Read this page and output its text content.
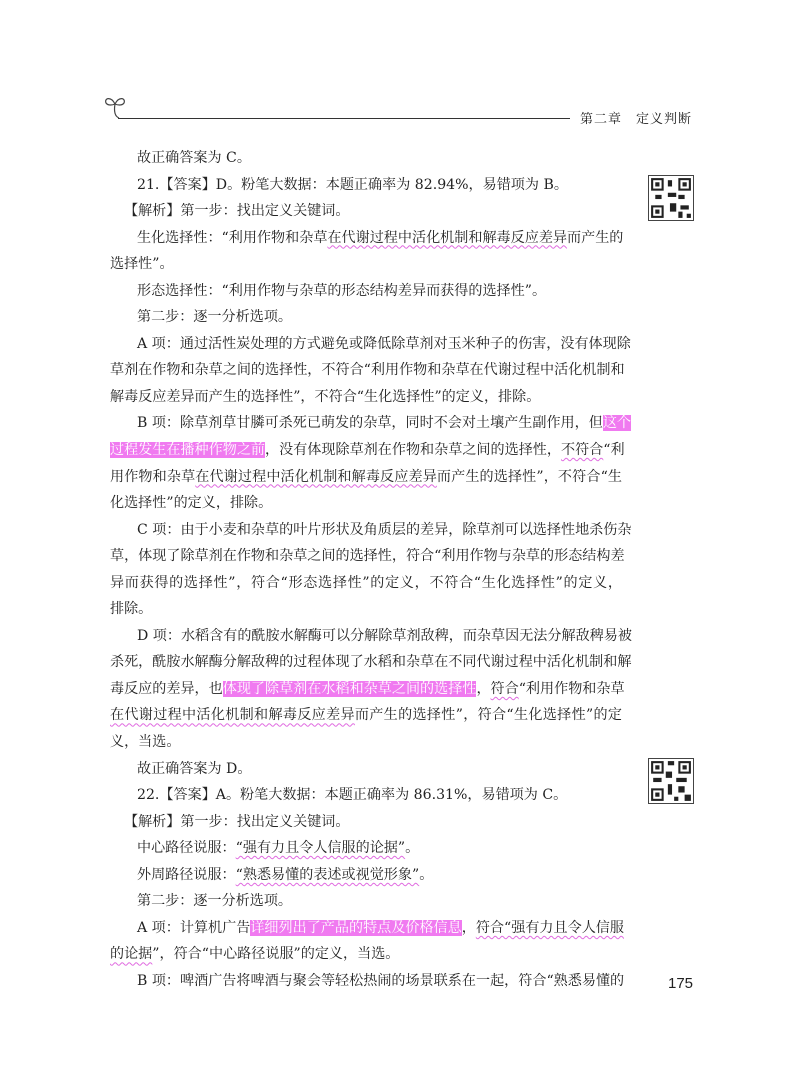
第二章 定义判断
故正确答案为 C。
21.【答案】D。粉笔大数据：本题正确率为 82.94%，易错项为 B。
【解析】第一步：找出定义关键词。
生化选择性：“利用作物和杂草在代谢过程中活化机制和解毒反应差异而产生的
选择性”。
形态选择性：“利用作物与杂草的形态结构差异而获得的选择性”。
第二步：逐一分析选项。
A 项：通过活性炭处理的方式避免或降低除草剂对玉米种子的伤害，没有体现除
草剂在作物和杂草之间的选择性，不符合“利用作物和杂草在代谢过程中活化机制和
解毒反应差异而产生的选择性”，不符合“生化选择性”的定义，排除。
B 项：除草剂草甘膦可杀死已萌发的杂草，同时不会对土壤产生副作用，但这个
过程发生在播种作物之前，没有体现除草剂在作物和杂草之间的选择性，不符合“利
用作物和杂草在代谢过程中活化机制和解毒反应差异而产生的选择性”，不符合“生
化选择性”的定义，排除。
C 项：由于小麦和杂草的叶片形状及角质层的差异，除草剂可以选择性地杀伤杂
草，体现了除草剂在作物和杂草之间的选择性，符合“利用作物与杂草的形态结构差
异而获得的选择性”，符合“形态选择性”的定义，不符合“生化选择性”的定义，
排除。
D 项：水稻含有的酰胺水解酶可以分解除草剂敌稗，而杂草因无法分解敌稗易被
杀死，酰胺水解酶分解敌稗的过程体现了水稻和杂草在不同代谢过程中活化机制和解
毒反应的差异，也体现了除草剂在水稻和杂草之间的选择性，符合“利用作物和杂草
在代谢过程中活化机制和解毒反应差异而产生的选择性”，符合“生化选择性”的定
义，当选。
故正确答案为 D。
22.【答案】A。粉笔大数据：本题正确率为 86.31%，易错项为 C。
【解析】第一步：找出定义关键词。
中心路径说服：“强有力且令人信服的论据”。
外周路径说服：“熟悉易懂的表述或视觉形象”。
第二步：逐一分析选项。
A 项：计算机广告详细列出了产品的特点及价格信息，符合“强有力且令人信服
的论据”，符合“中心路径说服”的定义，当选。
B 项：啤酒广告将啤酒与聚会等轻松热闹的场景联系在一起，符合“熟悉易懂的	175
